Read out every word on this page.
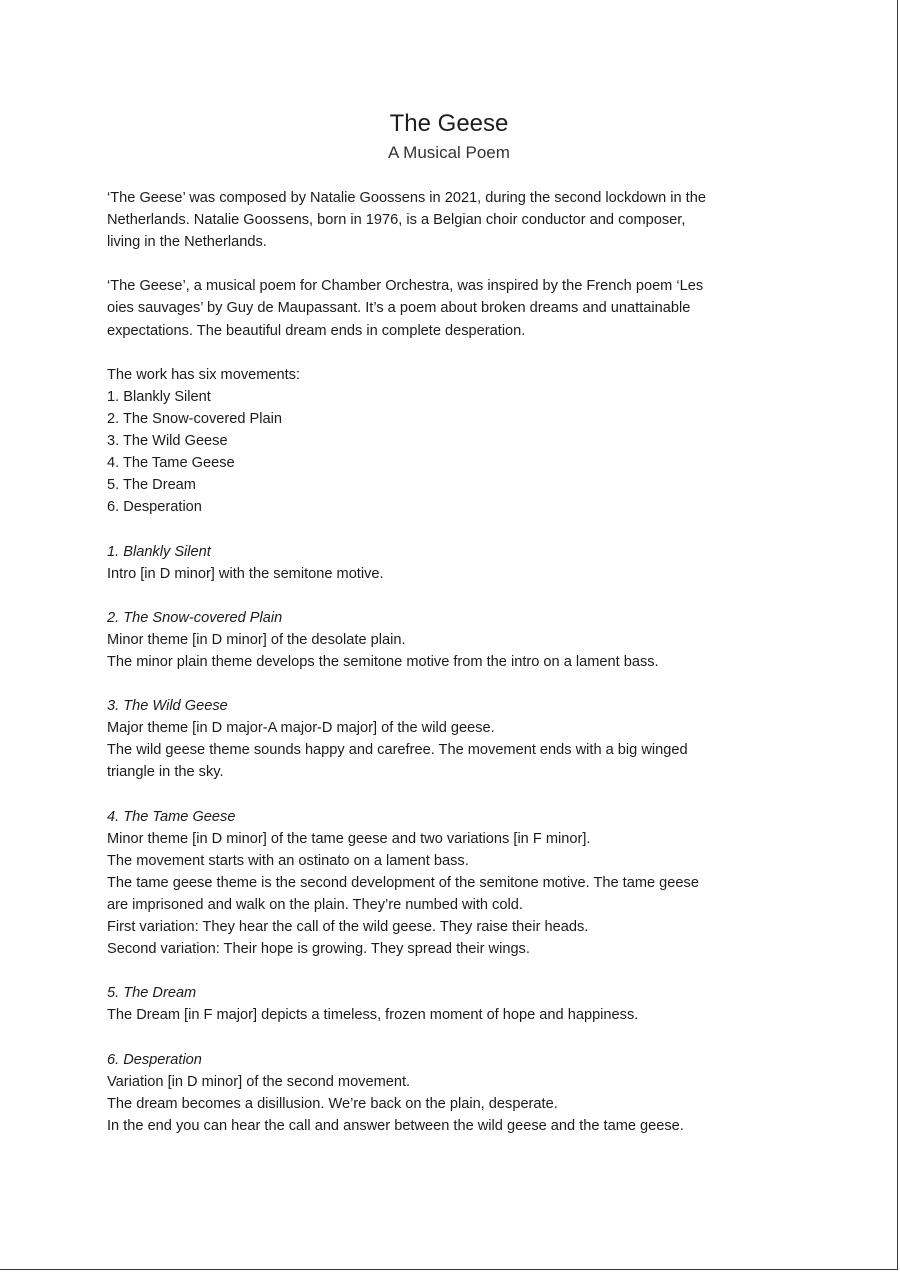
The Geese
A Musical Poem

‘The Geese’ was composed by Natalie Goossens in 2021, during the second lockdown in the
Netherlands. Natalie Goossens, born in 1976, is a Belgian choir conductor and composer,
living in the Netherlands.

‘The Geese’, a musical poem for Chamber Orchestra, was inspired by the French poem ‘Les
oies sauvages’ by Guy de Maupassant. It’s a poem about broken dreams and unattainable
expectations. The beautiful dream ends in complete desperation.

The work has six movements:
1. Blankly Silent
2. The Snow-covered Plain
3. The Wild Geese
4. The Tame Geese
5. The Dream
6. Desperation
1. Blankly Silent
Intro [in D minor] with the semitone motive.
2. The Snow-covered Plain
Minor theme [in D minor] of the desolate plain.
The minor plain theme develops the semitone motive from the intro on a lament bass.
3. The Wild Geese
Major theme [in D major-A major-D major] of the wild geese.
The wild geese theme sounds happy and carefree. The movement ends with a big winged
triangle in the sky.
4. The Tame Geese
Minor theme [in D minor] of the tame geese and two variations [in F minor].
The movement starts with an ostinato on a lament bass.
The tame geese theme is the second development of the semitone motive. The tame geese
are imprisoned and walk on the plain. They’re numbed with cold.
First variation: They hear the call of the wild geese. They raise their heads.
Second variation: Their hope is growing. They spread their wings.
5. The Dream
The Dream [in F major] depicts a timeless, frozen moment of hope and happiness.
6. Desperation
Variation [in D minor] of the second movement.
The dream becomes a disillusion. We’re back on the plain, desperate.
In the end you can hear the call and answer between the wild geese and the tame geese.
